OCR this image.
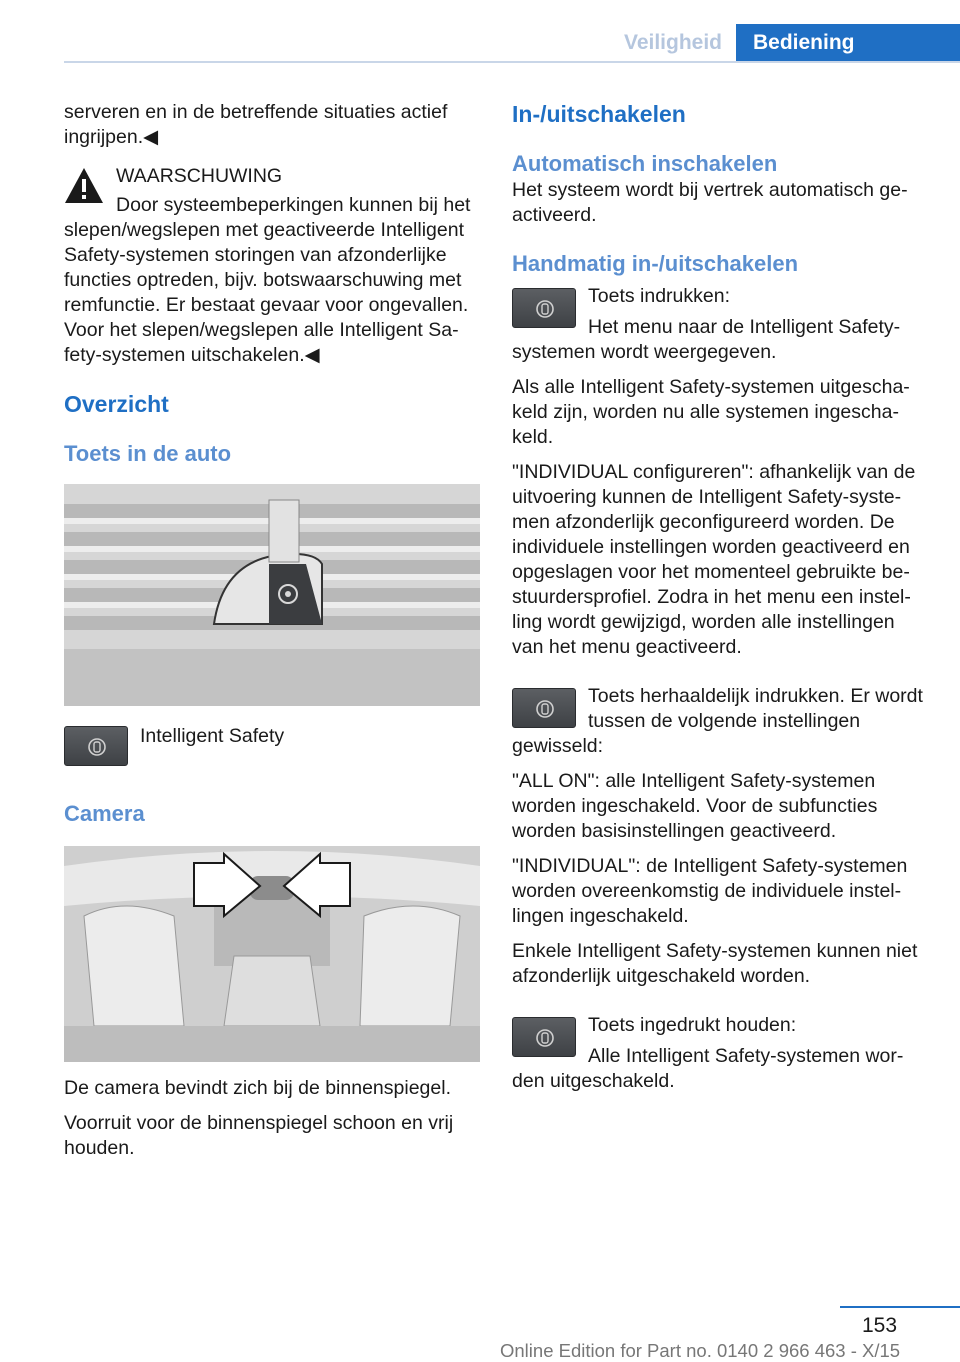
Veiligheid	Bediening

serveren en in de betreffende situaties actief ingrijpen.◀

WAARSCHUWING

Door systeembeperkingen kunnen bij het slepen/wegslepen met geactiveerde Intelligent Safety-systemen storingen van afzonderlijke functies optreden, bijv. botswaarschuwing met remfunctie. Er bestaat gevaar voor ongevallen. Voor het slepen/wegslepen alle Intelligent Sa-fety-systemen uitschakelen.◀

Overzicht
Toets in de auto

Intelligent Safety

Camera

De camera bevindt zich bij de binnenspiegel.

Voorruit voor de binnenspiegel schoon en vrij houden.

In-/uitschakelen
Automatisch inschakelen

Het systeem wordt bij vertrek automatisch ge-activeerd.

Handmatig in-/uitschakelen

Toets indrukken:

Het menu naar de Intelligent Safety-systemen wordt weergegeven.

Als alle Intelligent Safety-systemen uitgescha-keld zijn, worden nu alle systemen ingescha-keld.

"INDIVIDUAL configureren": afhankelijk van de uitvoering kunnen de Intelligent Safety-syste-men afzonderlijk geconfigureerd worden. De individuele instellingen worden geactiveerd en opgeslagen voor het momenteel gebruikte be-stuurdersprofiel. Zodra in het menu een instel-ling wordt gewijzigd, worden alle instellingen van het menu geactiveerd.

Toets herhaaldelijk indrukken. Er wordt tussen de volgende instellingen gewisseld:

"ALL ON": alle Intelligent Safety-systemen worden ingeschakeld. Voor de subfuncties worden basisinstellingen geactiveerd.

"INDIVIDUAL": de Intelligent Safety-systemen worden overeenkomstig de individuele instel-lingen ingeschakeld.

Enkele Intelligent Safety-systemen kunnen niet afzonderlijk uitgeschakeld worden.

Toets ingedrukt houden:

Alle Intelligent Safety-systemen wor-den uitgeschakeld.

153
Online Edition for Part no. 0140 2 966 463 - X/15
